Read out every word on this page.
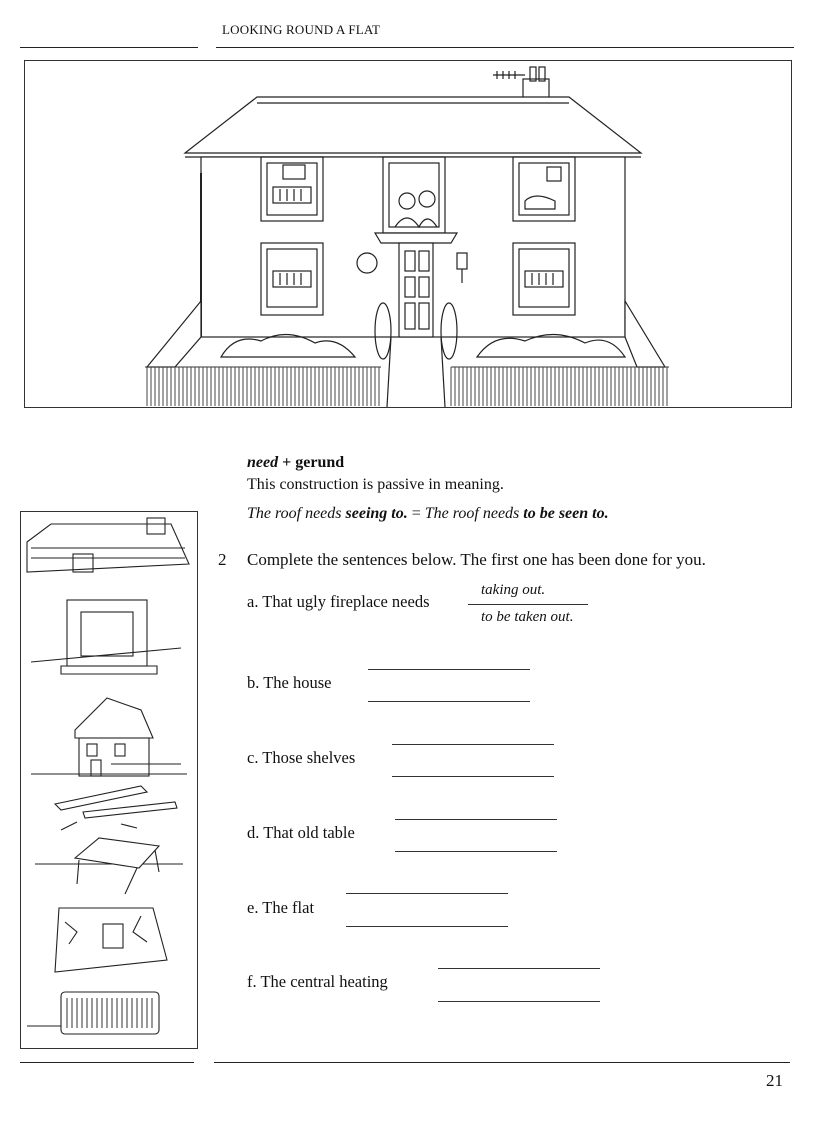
LOOKING ROUND A FLAT
need + gerund
This construction is passive in meaning.
The roof needs seeing to. = The roof needs to be seen to.
2 Complete the sentences below. The first one has been done for you.
a. That ugly fireplace needs
taking out.
to be taken out.
b. The house
c. Those shelves
d. That old table
e. The flat
f. The central heating
21
